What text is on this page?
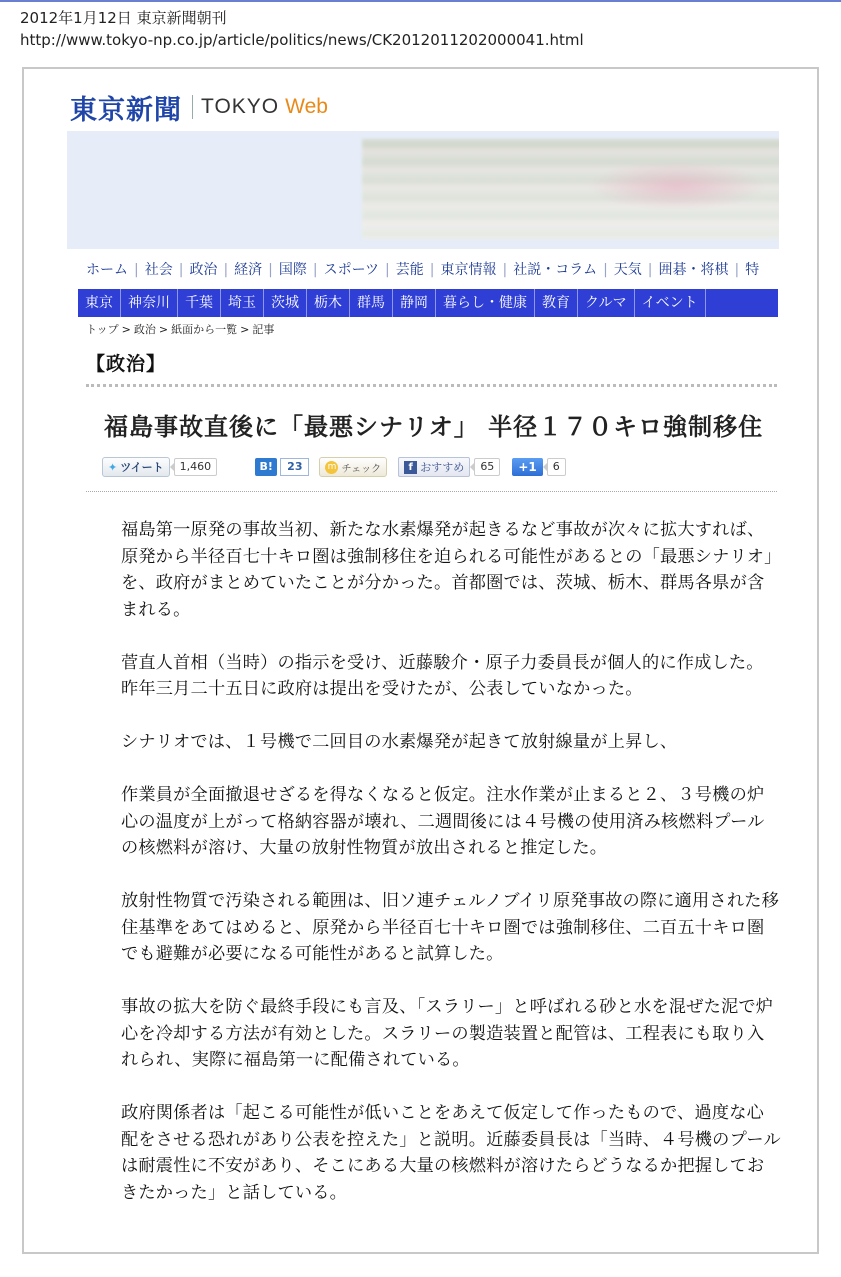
2012年1月12日 東京新聞朝刊
http://www.tokyo-np.co.jp/article/politics/news/CK2012011202000041.html
東京新聞 TOKYO Web
ホーム | 社会 | 政治 | 経済 | 国際 | スポーツ | 芸能 | 東京情報 | 社説・コラム | 天気 | 囲碁・将棋 | 特
東京	神奈川	千葉	埼玉	茨城	栃木	群馬	静岡	暮らし・健康	教育	クルマ	イベント
トップ > 政治 > 紙面から一覧 > 記事
【政治】
福島事故直後に「最悪シナリオ」 半径１７０キロ強制移住
✦ ツイート	1,460	B!	23	m チェック	f おすすめ	65	+1	6

福島第一原発の事故当初、新たな水素爆発が起きるなど事故が次々に拡大すれば、原発から半径百七十キロ圏は強制移住を迫られる可能性があるとの「最悪シナリオ」を、政府がまとめていたことが分かった。首都圏では、茨城、栃木、群馬各県が含まれる。

菅直人首相（当時）の指示を受け、近藤駿介・原子力委員長が個人的に作成した。昨年三月二十五日に政府は提出を受けたが、公表していなかった。

シナリオでは、１号機で二回目の水素爆発が起きて放射線量が上昇し、

作業員が全面撤退せざるを得なくなると仮定。注水作業が止まると２、３号機の炉心の温度が上がって格納容器が壊れ、二週間後には４号機の使用済み核燃料プールの核燃料が溶け、大量の放射性物質が放出されると推定した。

放射性物質で汚染される範囲は、旧ソ連チェルノブイリ原発事故の際に適用された移住基準をあてはめると、原発から半径百七十キロ圏では強制移住、二百五十キロ圏でも避難が必要になる可能性があると試算した。

事故の拡大を防ぐ最終手段にも言及、「スラリー」と呼ばれる砂と水を混ぜた泥で炉心を冷却する方法が有効とした。スラリーの製造装置と配管は、工程表にも取り入れられ、実際に福島第一に配備されている。

政府関係者は「起こる可能性が低いことをあえて仮定して作ったもので、過度な心配をさせる恐れがあり公表を控えた」と説明。近藤委員長は「当時、４号機のプールは耐震性に不安があり、そこにある大量の核燃料が溶けたらどうなるか把握しておきたかった」と話している。
